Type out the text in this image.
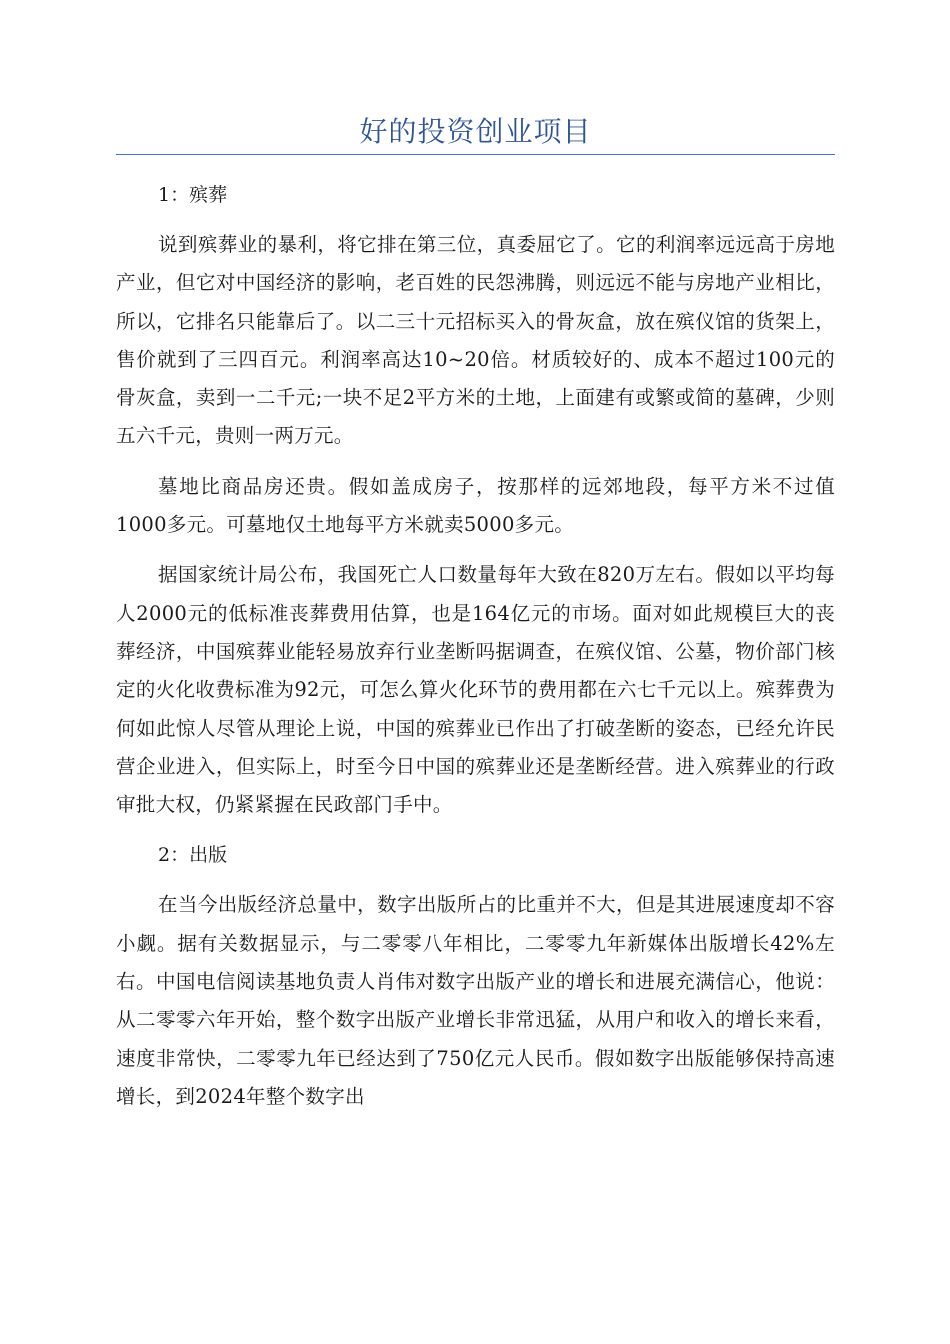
好的投资创业项目
1：殡葬

说到殡葬业的暴利，将它排在第三位，真委屈它了。它的利润率远远高于房地产业，但它对中国经济的影响，老百姓的民怨沸腾，则远远不能与房地产业相比，所以，它排名只能靠后了。以二三十元招标买入的骨灰盒，放在殡仪馆的货架上，售价就到了三四百元。利润率高达10~20倍。材质较好的、成本不超过100元的骨灰盒，卖到一二千元;一块不足2平方米的土地，上面建有或繁或简的墓碑，少则五六千元，贵则一两万元。

墓地比商品房还贵。假如盖成房子，按那样的远郊地段，每平方米不过值1000多元。可墓地仅土地每平方米就卖5000多元。

据国家统计局公布，我国死亡人口数量每年大致在820万左右。假如以平均每人2000元的低标准丧葬费用估算，也是164亿元的市场。面对如此规模巨大的丧葬经济，中国殡葬业能轻易放弃行业垄断吗据调查，在殡仪馆、公墓，物价部门核定的火化收费标准为92元，可怎么算火化环节的费用都在六七千元以上。殡葬费为何如此惊人尽管从理论上说，中国的殡葬业已作出了打破垄断的姿态，已经允许民营企业进入，但实际上，时至今日中国的殡葬业还是垄断经营。进入殡葬业的行政审批大权，仍紧紧握在民政部门手中。

2：出版

在当今出版经济总量中，数字出版所占的比重并不大，但是其进展速度却不容小觑。据有关数据显示，与二零零八年相比，二零零九年新媒体出版增长42%左右。中国电信阅读基地负责人肖伟对数字出版产业的增长和进展充满信心，他说：从二零零六年开始，整个数字出版产业增长非常迅猛，从用户和收入的增长来看，速度非常快，二零零九年已经达到了750亿元人民币。假如数字出版能够保持高速增长，到2024年整个数字出
